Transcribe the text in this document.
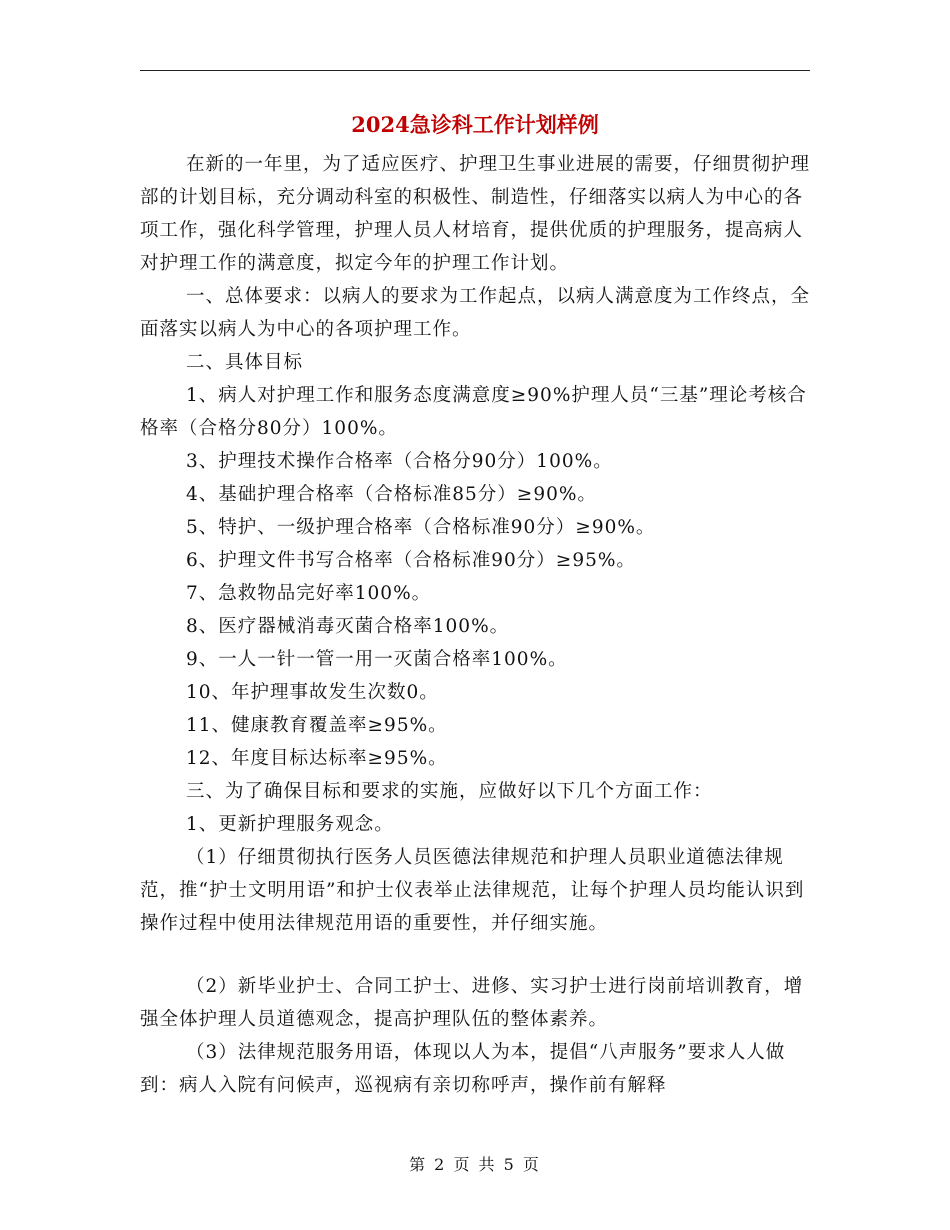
2024急诊科工作计划样例

在新的一年里，为了适应医疗、护理卫生事业进展的需要，仔细贯彻护理部的计划目标，充分调动科室的积极性、制造性，仔细落实以病人为中心的各项工作，强化科学管理，护理人员人材培育，提供优质的护理服务，提高病人对护理工作的满意度，拟定今年的护理工作计划。

一、总体要求：以病人的要求为工作起点，以病人满意度为工作终点，全面落实以病人为中心的各项护理工作。

二、具体目标

1、病人对护理工作和服务态度满意度≥90%护理人员“三基”理论考核合格率（合格分80分）100%。

3、护理技术操作合格率（合格分90分）100%。

4、基础护理合格率（合格标准85分）≥90%。

5、特护、一级护理合格率（合格标准90分）≥90%。

6、护理文件书写合格率（合格标准90分）≥95%。

7、急救物品完好率100%。

8、医疗器械消毒灭菌合格率100%。

9、一人一针一管一用一灭菌合格率100%。

10、年护理事故发生次数0。

11、健康教育覆盖率≥95%。

12、年度目标达标率≥95%。

三、为了确保目标和要求的实施，应做好以下几个方面工作：

1、更新护理服务观念。

（1）仔细贯彻执行医务人员医德法律规范和护理人员职业道德法律规范，推“护士文明用语”和护士仪表举止法律规范，让每个护理人员均能认识到操作过程中使用法律规范用语的重要性，并仔细实施。

（2）新毕业护士、合同工护士、进修、实习护士进行岗前培训教育，增强全体护理人员道德观念，提高护理队伍的整体素养。

（3）法律规范服务用语，体现以人为本，提倡“八声服务”要求人人做到：病人入院有问候声，巡视病有亲切称呼声，操作前有解释

第 2 页 共 5 页
